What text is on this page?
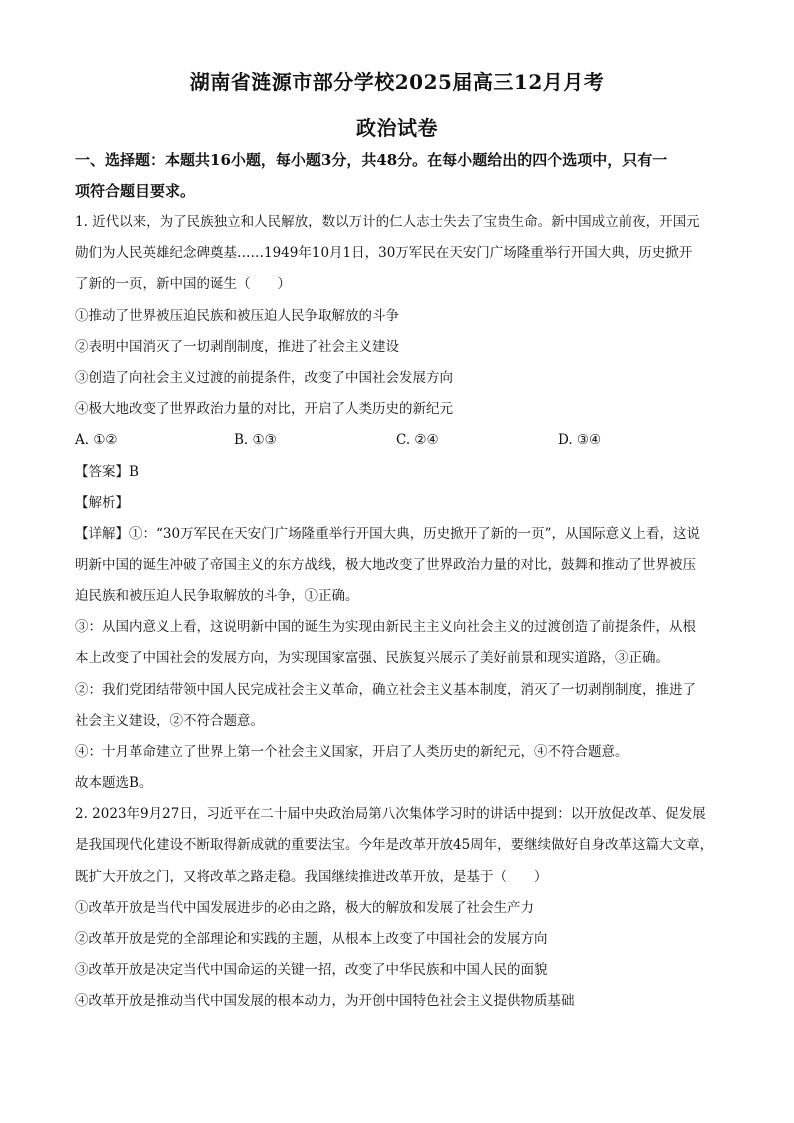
湖南省涟源市部分学校2025届高三12月月考
政治试卷
一、选择题：本题共16小题，每小题3分，共48分。在每小题给出的四个选项中，只有一
项符合题目要求。
1. 近代以来，为了民族独立和人民解放，数以万计的仁人志士失去了宝贵生命。新中国成立前夜，开国元
勋们为人民英雄纪念碑奠基……1949年10月1日，30万军民在天安门广场隆重举行开国大典，历史掀开
了新的一页，新中国的诞生（　　）
①推动了世界被压迫民族和被压迫人民争取解放的斗争
②表明中国消灭了一切剥削制度，推进了社会主义建设
③创造了向社会主义过渡的前提条件，改变了中国社会发展方向
④极大地改变了世界政治力量的对比，开启了人类历史的新纪元
A. ①②	B. ①③	C. ②④	D. ③④
【答案】B
【解析】
【详解】①：“30万军民在天安门广场隆重举行开国大典，历史掀开了新的一页”，从国际意义上看，这说
明新中国的诞生冲破了帝国主义的东方战线，极大地改变了世界政治力量的对比，鼓舞和推动了世界被压
迫民族和被压迫人民争取解放的斗争，①正确。
③：从国内意义上看，这说明新中国的诞生为实现由新民主主义向社会主义的过渡创造了前提条件，从根
本上改变了中国社会的发展方向，为实现国家富强、民族复兴展示了美好前景和现实道路，③正确。
②：我们党团结带领中国人民完成社会主义革命，确立社会主义基本制度，消灭了一切剥削制度，推进了
社会主义建设，②不符合题意。
④：十月革命建立了世界上第一个社会主义国家，开启了人类历史的新纪元，④不符合题意。
故本题选B。
2. 2023年9月27日，习近平在二十届中央政治局第八次集体学习时的讲话中提到：以开放促改革、促发展
是我国现代化建设不断取得新成就的重要法宝。今年是改革开放45周年，要继续做好自身改革这篇大文章，
既扩大开放之门，又将改革之路走稳。我国继续推进改革开放，是基于（　　）
①改革开放是当代中国发展进步的必由之路，极大的解放和发展了社会生产力
②改革开放是党的全部理论和实践的主题，从根本上改变了中国社会的发展方向
③改革开放是决定当代中国命运的关键一招，改变了中华民族和中国人民的面貌
④改革开放是推动当代中国发展的根本动力，为开创中国特色社会主义提供物质基础
